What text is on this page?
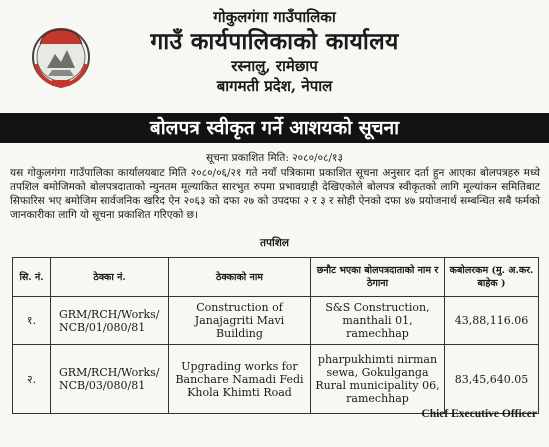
गोकुलगंगा गाउँपालिका
गाउँ कार्यपालिकाको कार्यालय
रस्नालु, रामेछाप
बागमती प्रदेश, नेपाल
बोलपत्र स्वीकृत गर्ने आशयको सूचना
सूचना प्रकाशित मिति: २०८०/०८/१३
यस गोकुलगंगा गाउँपालिका कार्यालयबाट मिति २०८०/०६/२१ गते नयाँ पत्रिकामा प्रकाशित सूचना अनुसार दर्ता हुन आएका बोलपत्रहरु मध्ये तपशिल बमोजिमको बोलपत्रदाताको न्युनतम मूल्याकित सारभुत रुपमा प्रभावग्राही देखिएकोले बोलपत्र स्वीकृतको लागि मूल्यांकन समितिबाट सिफारिस भए बमोजिम सार्वजनिक खरिद ऐन २०६३ को दफा २७ को उपदफा २ र ३ र सोही ऐनको दफा ४७ प्रयोजनार्थ सम्बन्धित सबै फर्मको जानकारीका लागि यो सूचना प्रकाशित गरिएको छ।
तपशिल
सि. नं.	ठेक्का नं.	ठेक्काको नाम	छनौट भएका बोलपत्रदाताको नाम र ठेगाना	कबोलरकम (मु. अ.कर. बाहेक )
१.	GRM/RCH/Works/ NCB/01/080/81	Construction of Janajagriti Mavi Building	S&S Construction, manthali 01, ramechhap	43,88,116.06
२.	GRM/RCH/Works/ NCB/03/080/81	Upgrading works for Banchare Namadi Fedi Khola Khimti Road	pharpukhimti nirman sewa, Gokulganga Rural municipality 06, ramechhap	83,45,640.05
Chief Executive Officer
